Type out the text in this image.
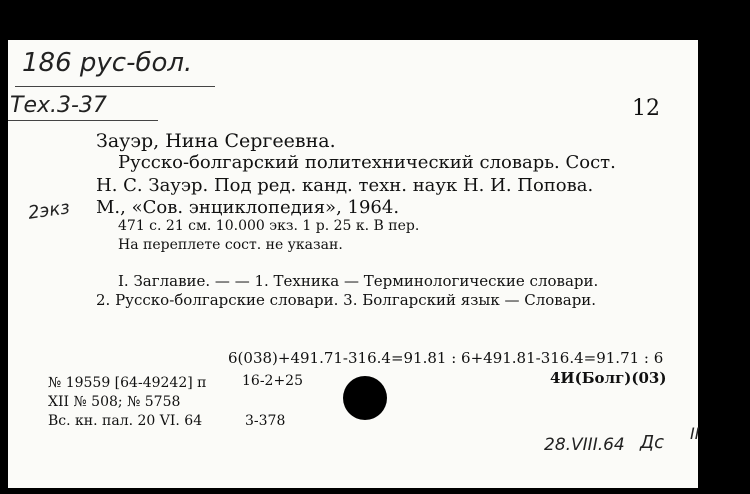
186 рус-бол.
Тех.3-37
2экз
12
Зауэр, Нина Сергеевна.
Русско-болгарский политехнический словарь. Сост.
Н. С. Зауэр. Под ред. канд. техн. наук Н. И. Попова.
М., «Сов. энциклопедия», 1964.
471 с. 21 см. 10.000 экз. 1 р. 25 к. В пер.
На переплете сост. не указан.
I. Заглавие. — — 1. Техника — Терминологические словари.
2. Русско-болгарские словари. 3. Болгарский язык — Словари.
6(038)+491.71-316.4=91.81 : 6+491.81-316.4=91.71 : 6
№ 19559 [64-49242] п	16-2+25	4И(Болг)(03)
XII № 508; № 5758
Вс. кн. пал. 20 VI. 64	3-378
28.VIII.64 Дс II
